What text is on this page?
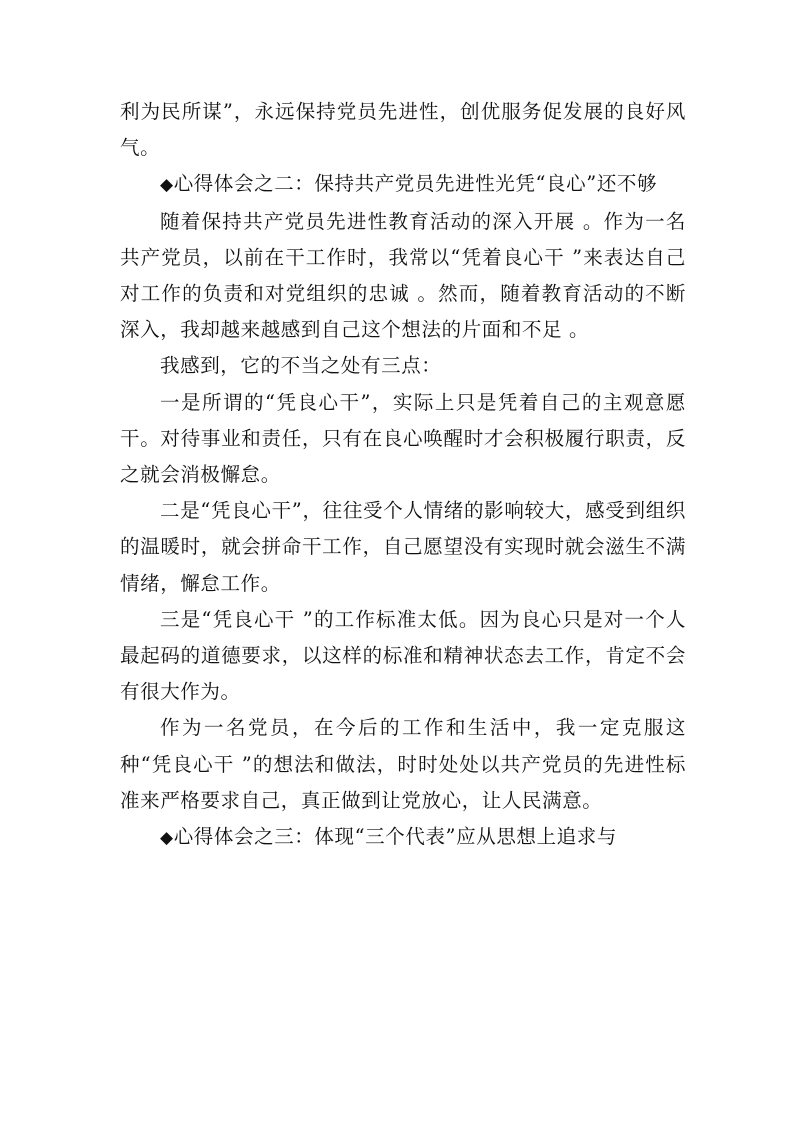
利为民所谋”，永远保持党员先进性，创优服务促发展的良好风气。

◆心得体会之二：保持共产党员先进性光凭“良心”还不够

随着保持共产党员先进性教育活动的深入开展 。作为一名共产党员，以前在干工作时，我常以“凭着良心干 ”来表达自己对工作的负责和对党组织的忠诚 。然而，随着教育活动的不断深入，我却越来越感到自己这个想法的片面和不足 。

我感到，它的不当之处有三点：

一是所谓的“凭良心干”，实际上只是凭着自己的主观意愿干。对待事业和责任，只有在良心唤醒时才会积极履行职责，反之就会消极懈怠。

二是“凭良心干”，往往受个人情绪的影响较大，感受到组织的温暖时，就会拼命干工作，自己愿望没有实现时就会滋生不满情绪，懈怠工作。

三是“凭良心干 ”的工作标准太低。因为良心只是对一个人最起码的道德要求，以这样的标准和精神状态去工作，肯定不会有很大作为。

作为一名党员，在今后的工作和生活中，我一定克服这种“凭良心干 ”的想法和做法，时时处处以共产党员的先进性标准来严格要求自己，真正做到让党放心，让人民满意。

◆心得体会之三：体现“三个代表”应从思想上追求与
